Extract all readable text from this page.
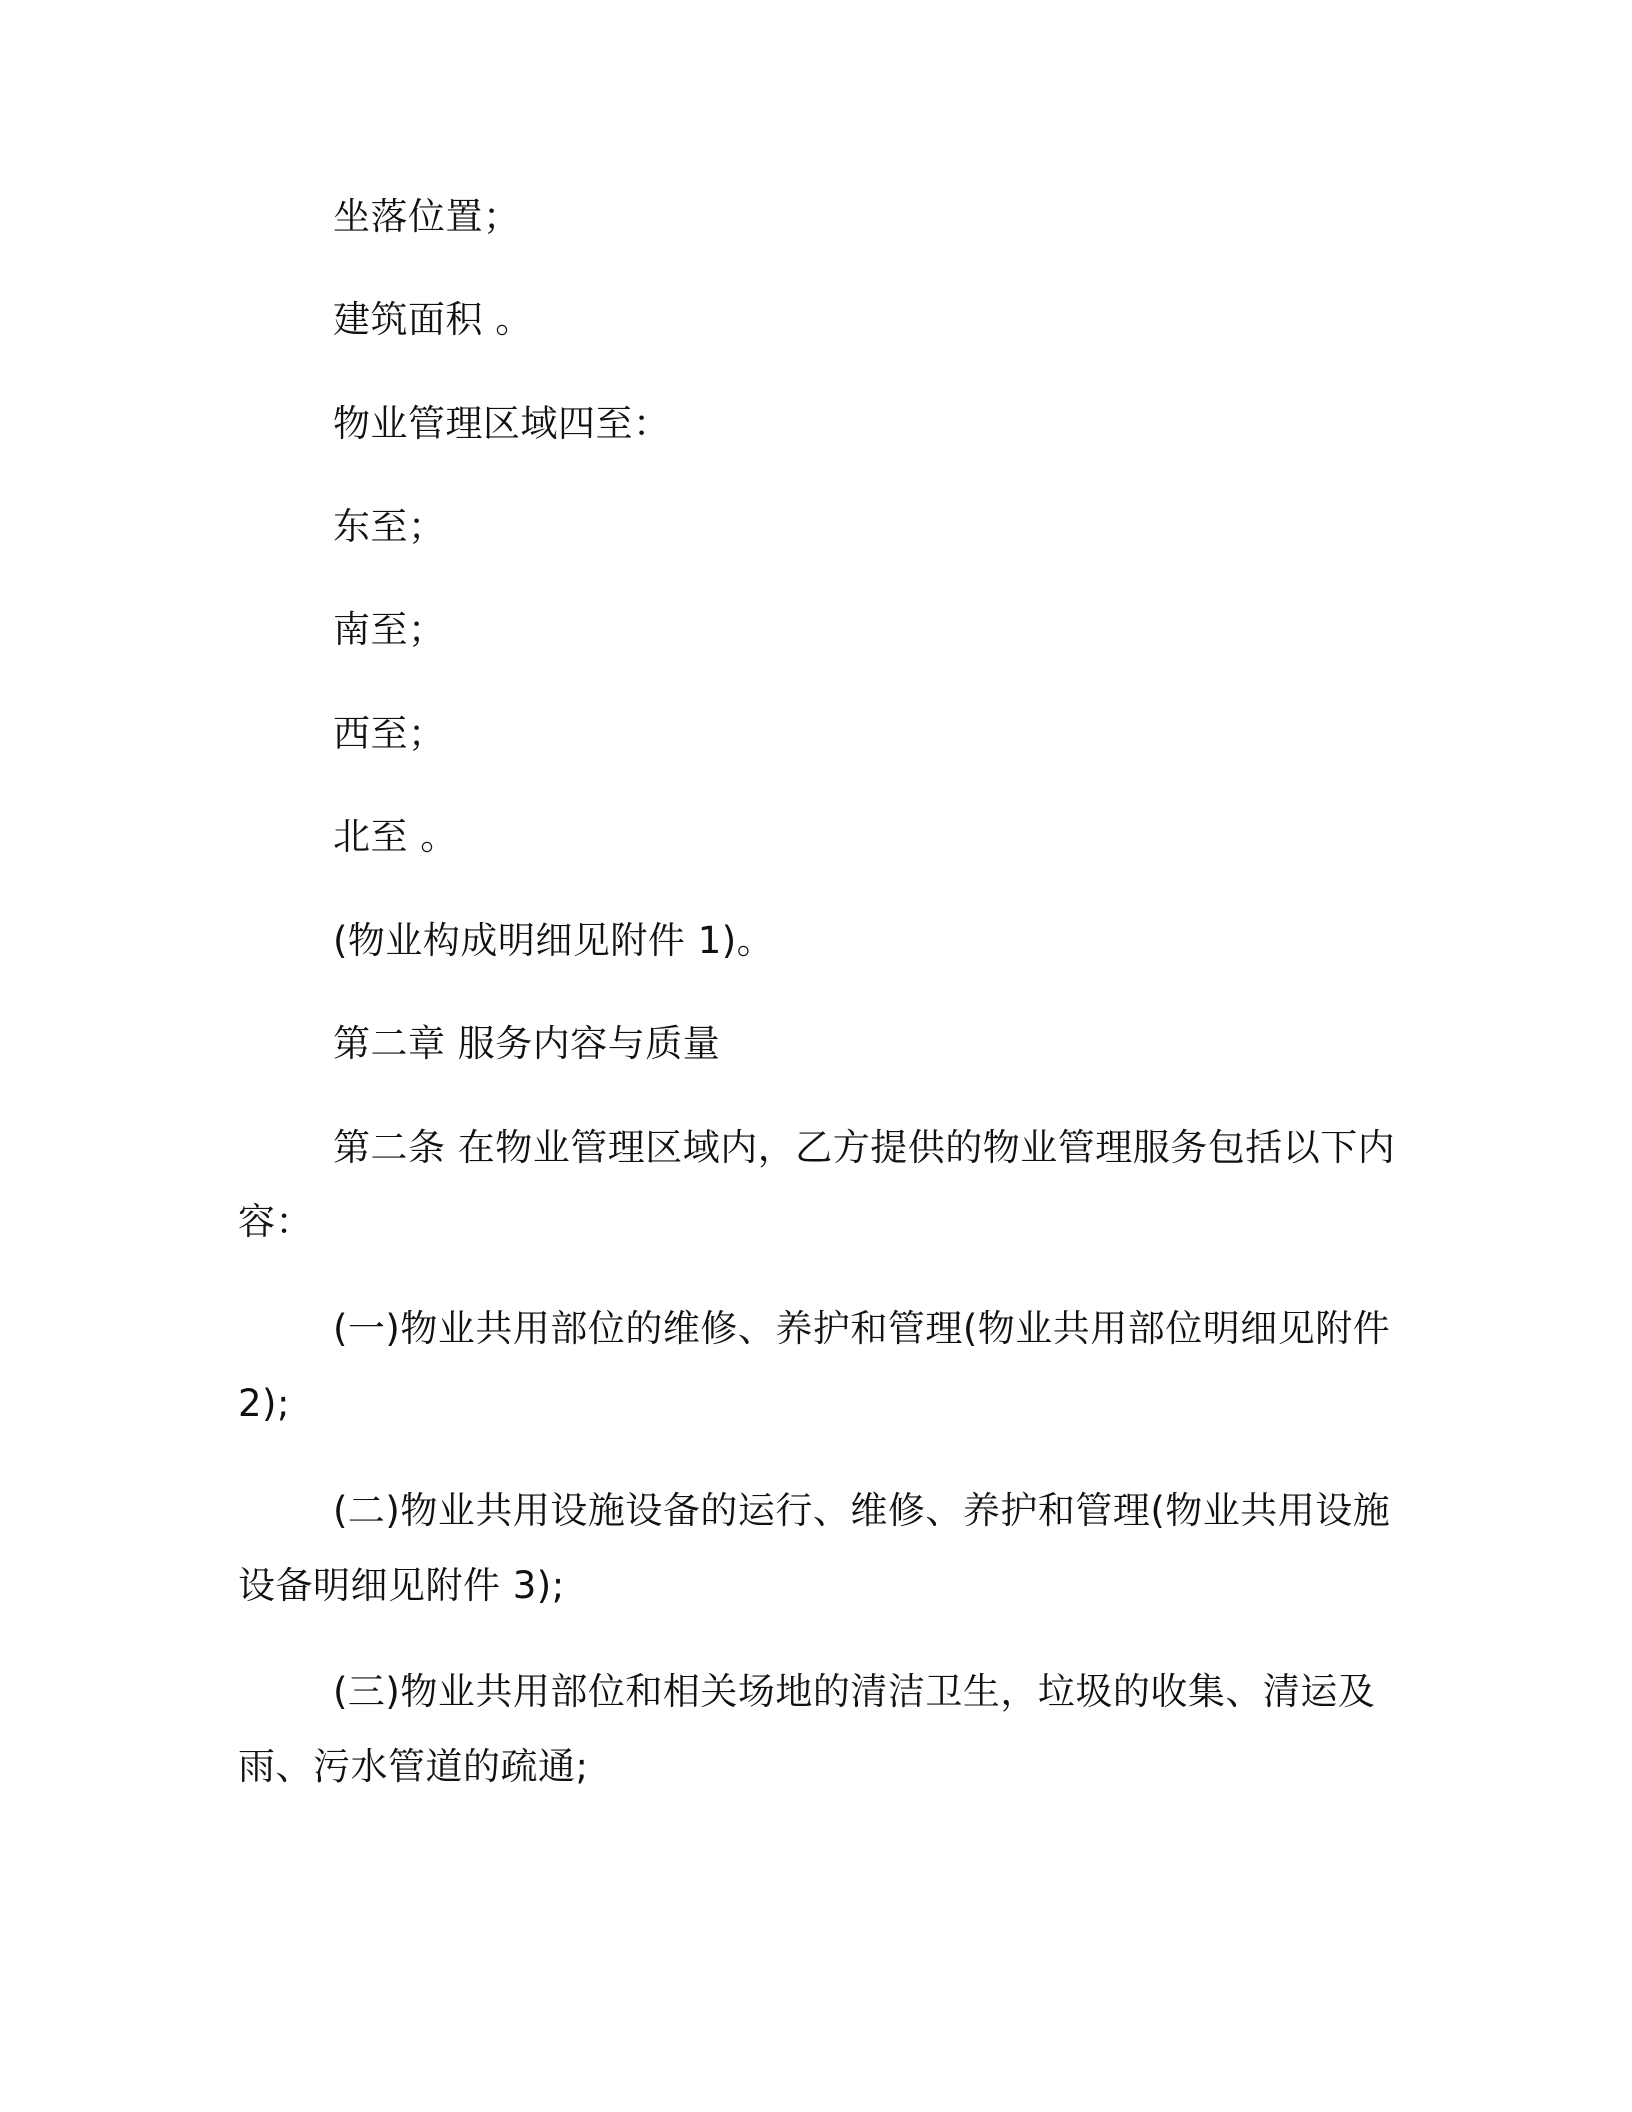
坐落位置；
建筑面积 。
物业管理区域四至：
东至；
南至；
西至；
北至 。
(物业构成明细见附件 1)。
第二章 服务内容与质量
第二条 在物业管理区域内，乙方提供的物业管理服务包括以下内
容：
(一)物业共用部位的维修、养护和管理(物业共用部位明细见附件
2);
(二)物业共用设施设备的运行、维修、养护和管理(物业共用设施
设备明细见附件 3);
(三)物业共用部位和相关场地的清洁卫生，垃圾的收集、清运及
雨、污水管道的疏通;
